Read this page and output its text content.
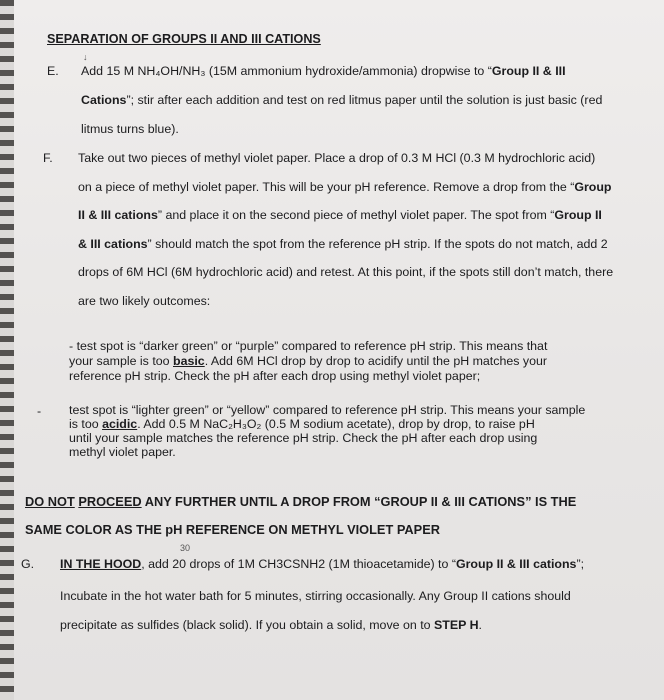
SEPARATION OF GROUPS II AND III CATIONS
E.
↓
Add 15 M NH₄OH/NH₃ (15M ammonium hydroxide/ammonia) dropwise to “Group II & III
Cations”; stir after each addition and test on red litmus paper until the solution is just basic (red
litmus turns blue).
F. Take out two pieces of methyl violet paper. Place a drop of 0.3 M HCl (0.3 M hydrochloric acid)
on a piece of methyl violet paper. This will be your pH reference. Remove a drop from the “Group
II & III cations” and place it on the second piece of methyl violet paper. The spot from “Group II
& III cations” should match the spot from the reference pH strip. If the spots do not match, add 2
drops of 6M HCl (6M hydrochloric acid) and retest. At this point, if the spots still don’t match, there
are two likely outcomes:
- test spot is “darker green” or “purple” compared to reference pH strip. This means that
your sample is too basic. Add 6M HCl drop by drop to acidify until the pH matches your
reference pH strip. Check the pH after each drop using methyl violet paper;
- test spot is “lighter green” or “yellow” compared to reference pH strip. This means your sample
is too acidic. Add 0.5 M NaC₂H₃O₂ (0.5 M sodium acetate), drop by drop, to raise pH
until your sample matches the reference pH strip. Check the pH after each drop using
methyl violet paper.
DO NOT PROCEED ANY FURTHER UNTIL A DROP FROM “GROUP II & III CATIONS” IS THE
SAME COLOR AS THE pH REFERENCE ON METHYL VIOLET PAPER
G.
30
IN THE HOOD, add 20 drops of 1M CH3CSNH2 (1M thioacetamide) to “Group II & III cations”;
Incubate in the hot water bath for 5 minutes, stirring occasionally. Any Group II cations should
precipitate as sulfides (black solid). If you obtain a solid, move on to STEP H.
